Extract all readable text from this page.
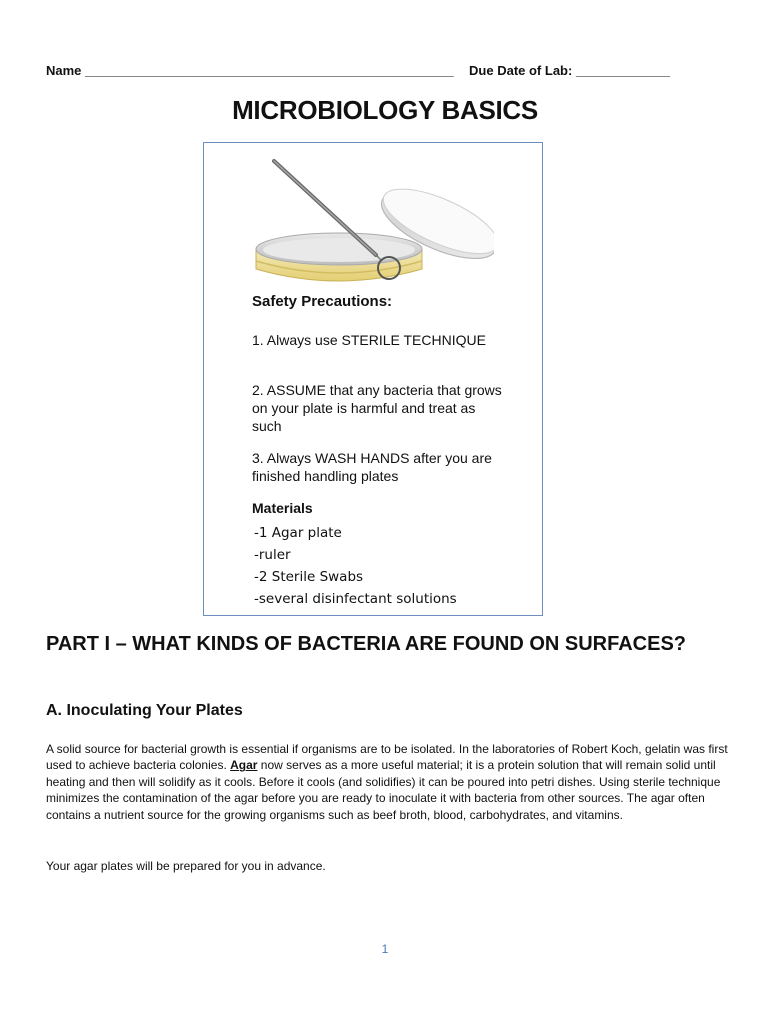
Name ___________________________________________________ Due Date of Lab: _____________
MICROBIOLOGY BASICS
Safety Precautions:
1. Always use STERILE TECHNIQUE
2. ASSUME that any bacteria that grows on your plate is harmful and treat as such
3. Always WASH HANDS after you are finished handling plates
Materials
-1 Agar plate
-ruler
-2 Sterile Swabs
-several disinfectant solutions
PART I – WHAT KINDS OF BACTERIA ARE FOUND ON SURFACES?
A. Inoculating Your Plates
A solid source for bacterial growth is essential if organisms are to be isolated. In the laboratories of Robert Koch, gelatin was first used to achieve bacteria colonies. Agar now serves as a more useful material; it is a protein solution that will remain solid until heating and then will solidify as it cools. Before it cools (and solidifies) it can be poured into petri dishes. Using sterile technique minimizes the contamination of the agar before you are ready to inoculate it with bacteria from other sources. The agar often contains a nutrient source for the growing organisms such as beef broth, blood, carbohydrates, and vitamins.
Your agar plates will be prepared for you in advance.
1
